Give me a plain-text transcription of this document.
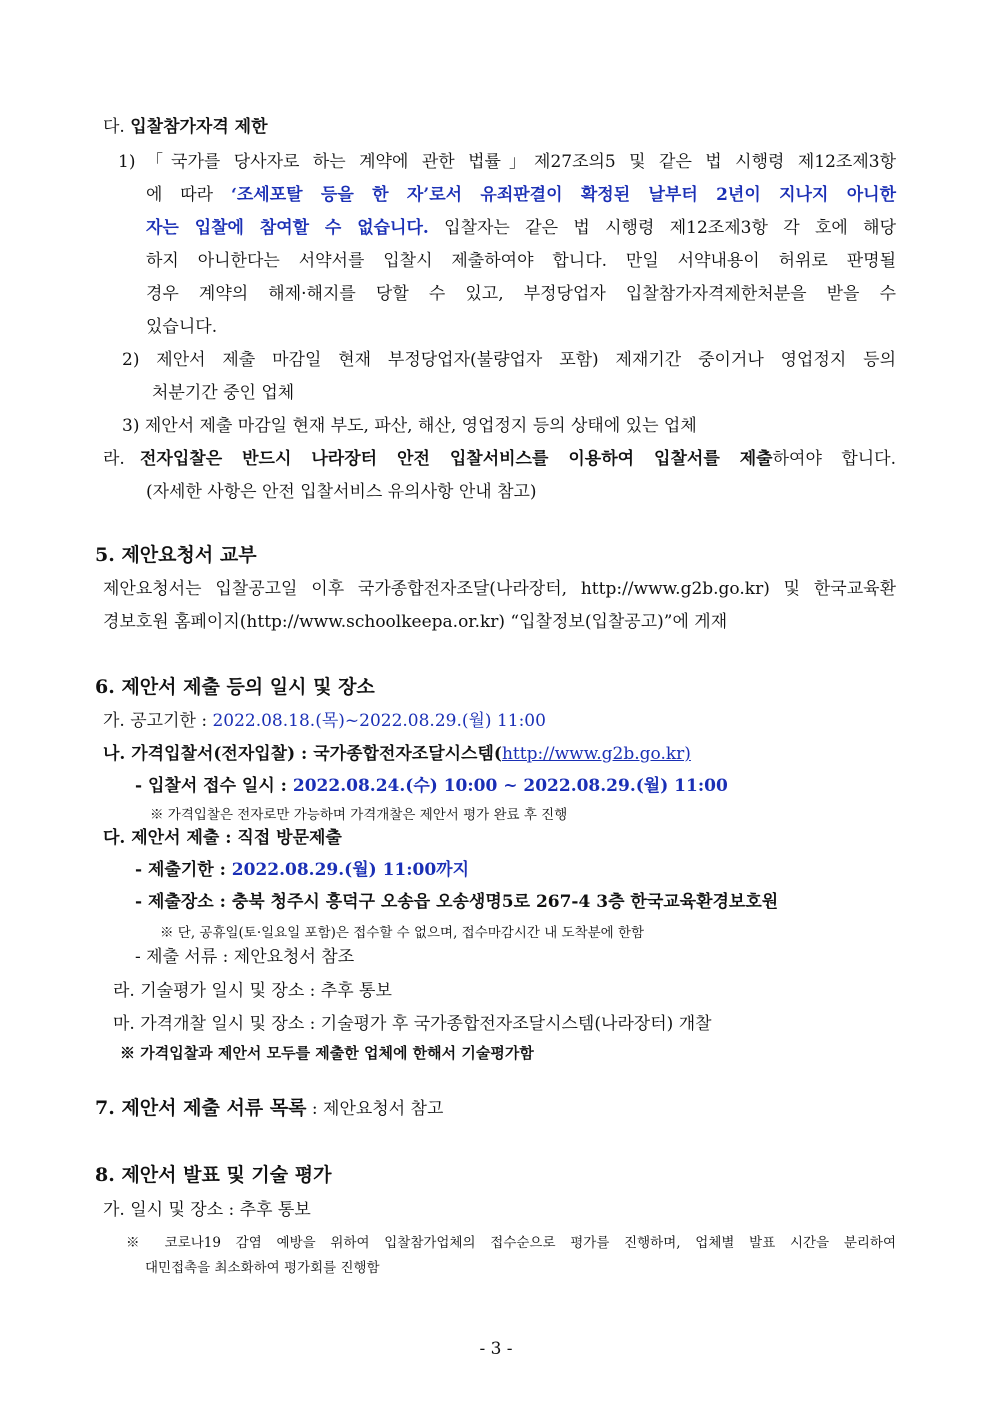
다. 입찰참가자격 제한
1) 「국가를 당사자로 하는 계약에 관한 법률」제27조의5 및 같은 법 시행령 제12조제3항
에 따라 ‘조세포탈 등을 한 자’로서 유죄판결이 확정된 날부터 2년이 지나지 아니한
자는 입찰에 참여할 수 없습니다. 입찰자는 같은 법 시행령 제12조제3항 각 호에 해당
하지 아니한다는 서약서를 입찰시 제출하여야 합니다. 만일 서약내용이 허위로 판명될
경우 계약의 해제·해지를 당할 수 있고, 부정당업자 입찰참가자격제한처분을 받을 수
있습니다.
2) 제안서 제출 마감일 현재 부정당업자(불량업자 포함) 제재기간 중이거나 영업정지 등의
처분기간 중인 업체
3) 제안서 제출 마감일 현재 부도, 파산, 해산, 영업정지 등의 상태에 있는 업체
라. 전자입찰은 반드시 나라장터 안전 입찰서비스를 이용하여 입찰서를 제출하여야 합니다.
(자세한 사항은 안전 입찰서비스 유의사항 안내 참고)
5. 제안요청서 교부
제안요청서는 입찰공고일 이후 국가종합전자조달(나라장터, http://www.g2b.go.kr) 및 한국교육환
경보호원 홈페이지(http://www.schoolkeepa.or.kr) “입찰정보(입찰공고)”에 게재
6. 제안서 제출 등의 일시 및 장소
가. 공고기한 : 2022.08.18.(목)~2022.08.29.(월) 11:00
나. 가격입찰서(전자입찰) : 국가종합전자조달시스템(http://www.g2b.go.kr)
- 입찰서 접수 일시 : 2022.08.24.(수) 10:00 ~ 2022.08.29.(월) 11:00
※ 가격입찰은 전자로만 가능하며 가격개찰은 제안서 평가 완료 후 진행
다. 제안서 제출 : 직접 방문제출
- 제출기한 : 2022.08.29.(월) 11:00까지
- 제출장소 : 충북 청주시 흥덕구 오송읍 오송생명5로 267-4 3층 한국교육환경보호원
※ 단, 공휴일(토·일요일 포함)은 접수할 수 없으며, 접수마감시간 내 도착분에 한함
- 제출 서류 : 제안요청서 참조
라. 기술평가 일시 및 장소 : 추후 통보
마. 가격개찰 일시 및 장소 : 기술평가 후 국가종합전자조달시스템(나라장터) 개찰
※ 가격입찰과 제안서 모두를 제출한 업체에 한해서 기술평가함
7. 제안서 제출 서류 목록 : 제안요청서 참고
8. 제안서 발표 및 기술 평가
가. 일시 및 장소 : 추후 통보
※ 코로나19 감염 예방을 위하여 입찰참가업체의 접수순으로 평가를 진행하며, 업체별 발표 시간을 분리하여
대민접촉을 최소화하여 평가회를 진행함
- 3 -
